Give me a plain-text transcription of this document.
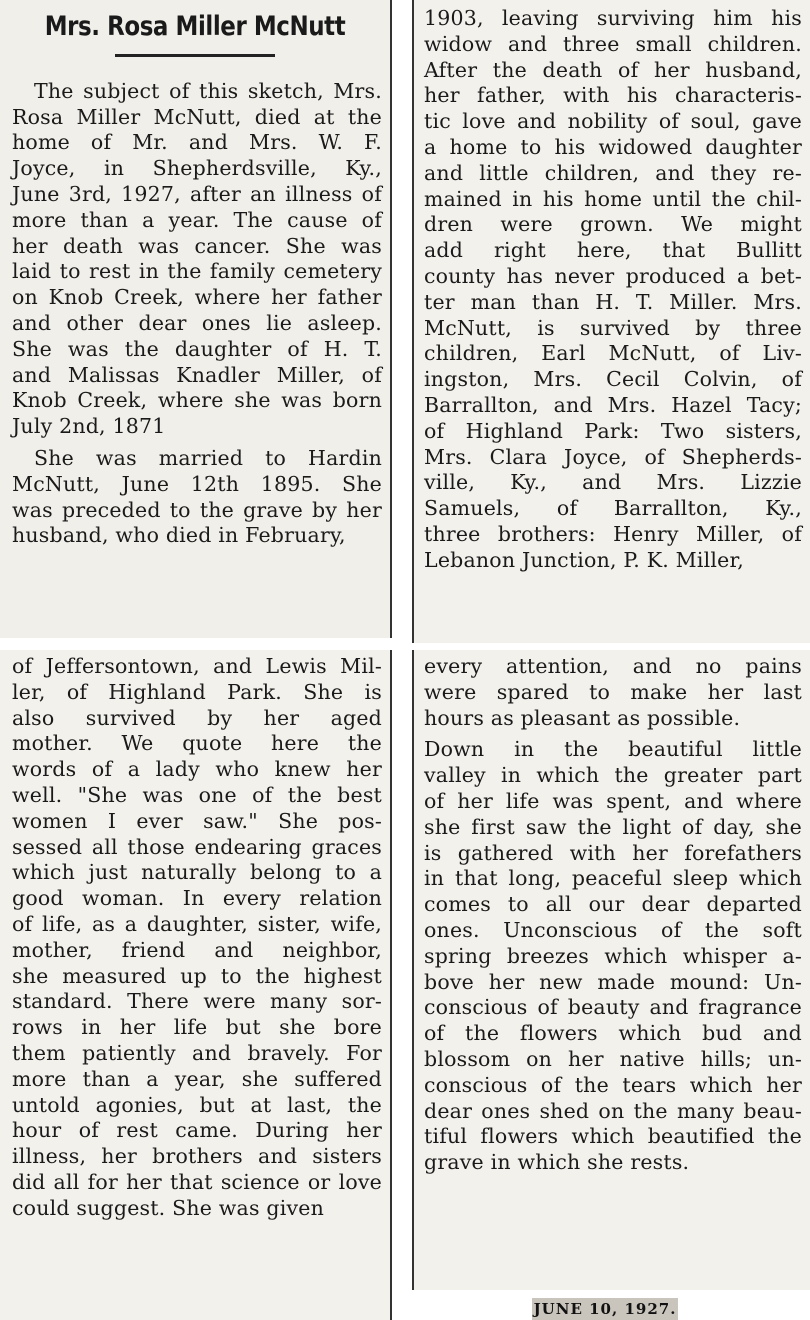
Mrs. Rosa Miller McNutt
The subject of this sketch, Mrs.
Rosa Miller McNutt, died at the
home of Mr. and Mrs. W. F.
Joyce, in Shepherdsville, Ky.,
June 3rd, 1927, after an illness of
more than a year. The cause of
her death was cancer. She was
laid to rest in the family cemetery
on Knob Creek, where her father
and other dear ones lie asleep.
She was the daughter of H. T.
and Malissas Knadler Miller, of
Knob Creek, where she was born
July 2nd, 1871
She was married to Hardin
McNutt, June 12th 1895. She
was preceded to the grave by her
husband, who died in February,
1903, leaving surviving him his
widow and three small children.
After the death of her husband,
her father, with his characteris-
tic love and nobility of soul, gave
a home to his widowed daughter
and little children, and they re-
mained in his home until the chil-
dren were grown. We might
add right here, that Bullitt
county has never produced a bet-
ter man than H. T. Miller. Mrs.
McNutt, is survived by three
children, Earl McNutt, of Liv-
ingston, Mrs. Cecil Colvin, of
Barrallton, and Mrs. Hazel Tacy;
of Highland Park: Two sisters,
Mrs. Clara Joyce, of Shepherds-
ville, Ky., and Mrs. Lizzie
Samuels, of Barrallton, Ky.,
three brothers: Henry Miller, of
Lebanon Junction, P. K. Miller,
of Jeffersontown, and Lewis Mil-
ler, of Highland Park. She is
also survived by her aged
mother. We quote here the
words of a lady who knew her
well. "She was one of the best
women I ever saw." She pos-
sessed all those endearing graces
which just naturally belong to a
good woman. In every relation
of life, as a daughter, sister, wife,
mother, friend and neighbor,
she measured up to the highest
standard. There were many sor-
rows in her life but she bore
them patiently and bravely. For
more than a year, she suffered
untold agonies, but at last, the
hour of rest came. During her
illness, her brothers and sisters
did all for her that science or love
could suggest. She was given
every attention, and no pains
were spared to make her last
hours as pleasant as possible.
Down in the beautiful little
valley in which the greater part
of her life was spent, and where
she first saw the light of day, she
is gathered with her forefathers
in that long, peaceful sleep which
comes to all our dear departed
ones. Unconscious of the soft
spring breezes which whisper a-
bove her new made mound: Un-
conscious of beauty and fragrance
of the flowers which bud and
blossom on her native hills; un-
conscious of the tears which her
dear ones shed on the many beau-
tiful flowers which beautified the
grave in which she rests.
JUNE 10, 1927.
